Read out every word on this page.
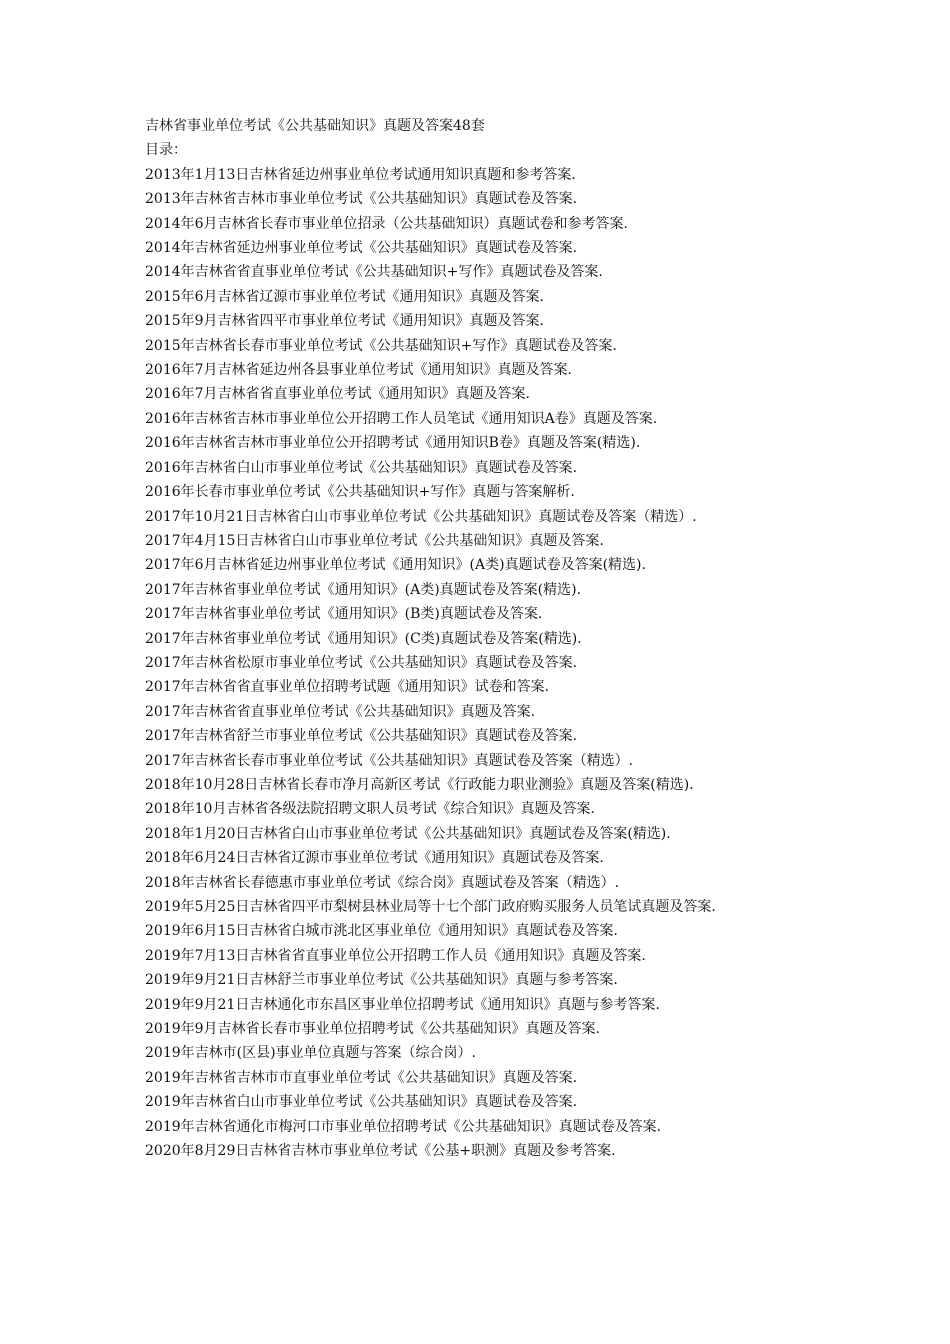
吉林省事业单位考试《公共基础知识》真题及答案48套
目录：
2013年1月13日吉林省延边州事业单位考试通用知识真题和参考答案.
2013年吉林省吉林市事业单位考试《公共基础知识》真题试卷及答案.
2014年6月吉林省长春市事业单位招录（公共基础知识）真题试卷和参考答案.
2014年吉林省延边州事业单位考试《公共基础知识》真题试卷及答案.
2014年吉林省省直事业单位考试《公共基础知识+写作》真题试卷及答案.
2015年6月吉林省辽源市事业单位考试《通用知识》真题及答案.
2015年9月吉林省四平市事业单位考试《通用知识》真题及答案.
2015年吉林省长春市事业单位考试《公共基础知识+写作》真题试卷及答案.
2016年7月吉林省延边州各县事业单位考试《通用知识》真题及答案.
2016年7月吉林省省直事业单位考试《通用知识》真题及答案.
2016年吉林省吉林市事业单位公开招聘工作人员笔试《通用知识A卷》真题及答案.
2016年吉林省吉林市事业单位公开招聘考试《通用知识B卷》真题及答案(精选).
2016年吉林省白山市事业单位考试《公共基础知识》真题试卷及答案.
2016年长春市事业单位考试《公共基础知识+写作》真题与答案解析.
2017年10月21日吉林省白山市事业单位考试《公共基础知识》真题试卷及答案（精选）.
2017年4月15日吉林省白山市事业单位考试《公共基础知识》真题及答案.
2017年6月吉林省延边州事业单位考试《通用知识》(A类)真题试卷及答案(精选).
2017年吉林省事业单位考试《通用知识》(A类)真题试卷及答案(精选).
2017年吉林省事业单位考试《通用知识》(B类)真题试卷及答案.
2017年吉林省事业单位考试《通用知识》(C类)真题试卷及答案(精选).
2017年吉林省松原市事业单位考试《公共基础知识》真题试卷及答案.
2017年吉林省省直事业单位招聘考试题《通用知识》试卷和答案.
2017年吉林省省直事业单位考试《公共基础知识》真题及答案.
2017年吉林省舒兰市事业单位考试《公共基础知识》真题试卷及答案.
2017年吉林省长春市事业单位考试《公共基础知识》真题试卷及答案（精选）.
2018年10月28日吉林省长春市净月高新区考试《行政能力职业测验》真题及答案(精选).
2018年10月吉林省各级法院招聘文职人员考试《综合知识》真题及答案.
2018年1月20日吉林省白山市事业单位考试《公共基础知识》真题试卷及答案(精选).
2018年6月24日吉林省辽源市事业单位考试《通用知识》真题试卷及答案.
2018年吉林省长春德惠市事业单位考试《综合岗》真题试卷及答案（精选）.
2019年5月25日吉林省四平市梨树县林业局等十七个部门政府购买服务人员笔试真题及答案.
2019年6月15日吉林省白城市洮北区事业单位《通用知识》真题试卷及答案.
2019年7月13日吉林省省直事业单位公开招聘工作人员《通用知识》真题及答案.
2019年9月21日吉林舒兰市事业单位考试《公共基础知识》真题与参考答案.
2019年9月21日吉林通化市东昌区事业单位招聘考试《通用知识》真题与参考答案.
2019年9月吉林省长春市事业单位招聘考试《公共基础知识》真题及答案.
2019年吉林市(区县)事业单位真题与答案（综合岗）.
2019年吉林省吉林市市直事业单位考试《公共基础知识》真题及答案.
2019年吉林省白山市事业单位考试《公共基础知识》真题试卷及答案.
2019年吉林省通化市梅河口市事业单位招聘考试《公共基础知识》真题试卷及答案.
2020年8月29日吉林省吉林市事业单位考试《公基+职测》真题及参考答案.
